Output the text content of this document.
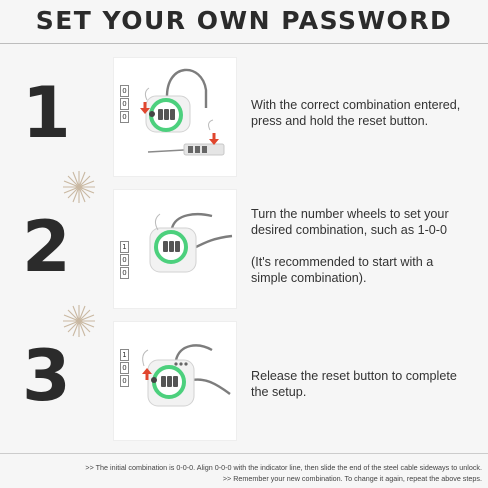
SET YOUR OWN PASSWORD
1	0
0
0

With the correct combination entered, press and hold the reset button.

2	1
0
0

Turn the number wheels to set your desired combination, such as 1-0-0

(It's recommended to start with a simple combination).

3	1
0
0	Release the reset button to complete the setup.

>> The initial combination is 0-0-0. Align 0-0-0 with the indicator line, then slide the end of the steel cable sideways to unlock.
>> Remember your new combination. To change it again, repeat the above steps.
